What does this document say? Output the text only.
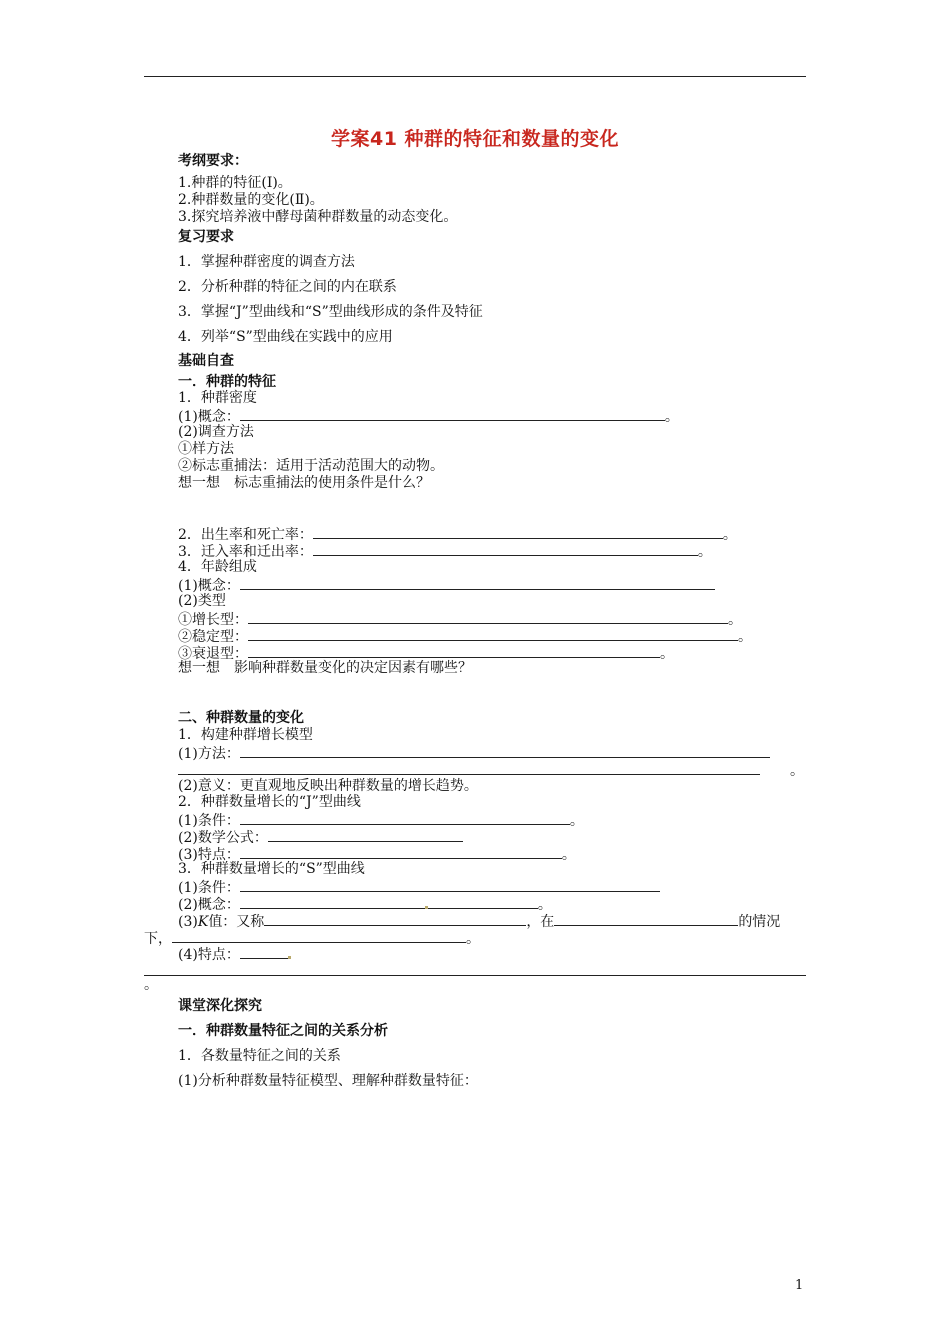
学案41 种群的特征和数量的变化
考纲要求：
1.种群的特征(Ⅰ)。
2.种群数量的变化(Ⅱ)。
3.探究培养液中酵母菌种群数量的动态变化。
复习要求
1．掌握种群密度的调查方法
2．分析种群的特征之间的内在联系
3．掌握“J”型曲线和“S”型曲线形成的条件及特征
4．列举“S”型曲线在实践中的应用
基础自查
一．种群的特征
1．种群密度
(1)概念：	。
(2)调查方法
①样方法
②标志重捕法：适用于活动范围大的动物。
想一想　标志重捕法的使用条件是什么？
2．出生率和死亡率：	。
3．迁入率和迁出率：	。
4．年龄组成
(1)概念：
(2)类型
①增长型：	。
②稳定型：	。
③衰退型：	。
想一想　影响种群数量变化的决定因素有哪些？
二、种群数量的变化
1．构建种群增长模型
(1)方法：
。
(2)意义：更直观地反映出种群数量的增长趋势。
2．种群数量增长的“J”型曲线
(1)条件：	。
(2)数学公式：
(3)特点：	。
3．种群数量增长的“S”型曲线
(1)条件：
(2)概念：	。
(3)K值：又称	，在	的情况
下，	。
(4)特点：
。
课堂深化探究
一．种群数量特征之间的关系分析
1．各数量特征之间的关系
(1)分析种群数量特征模型、理解种群数量特征：
1
